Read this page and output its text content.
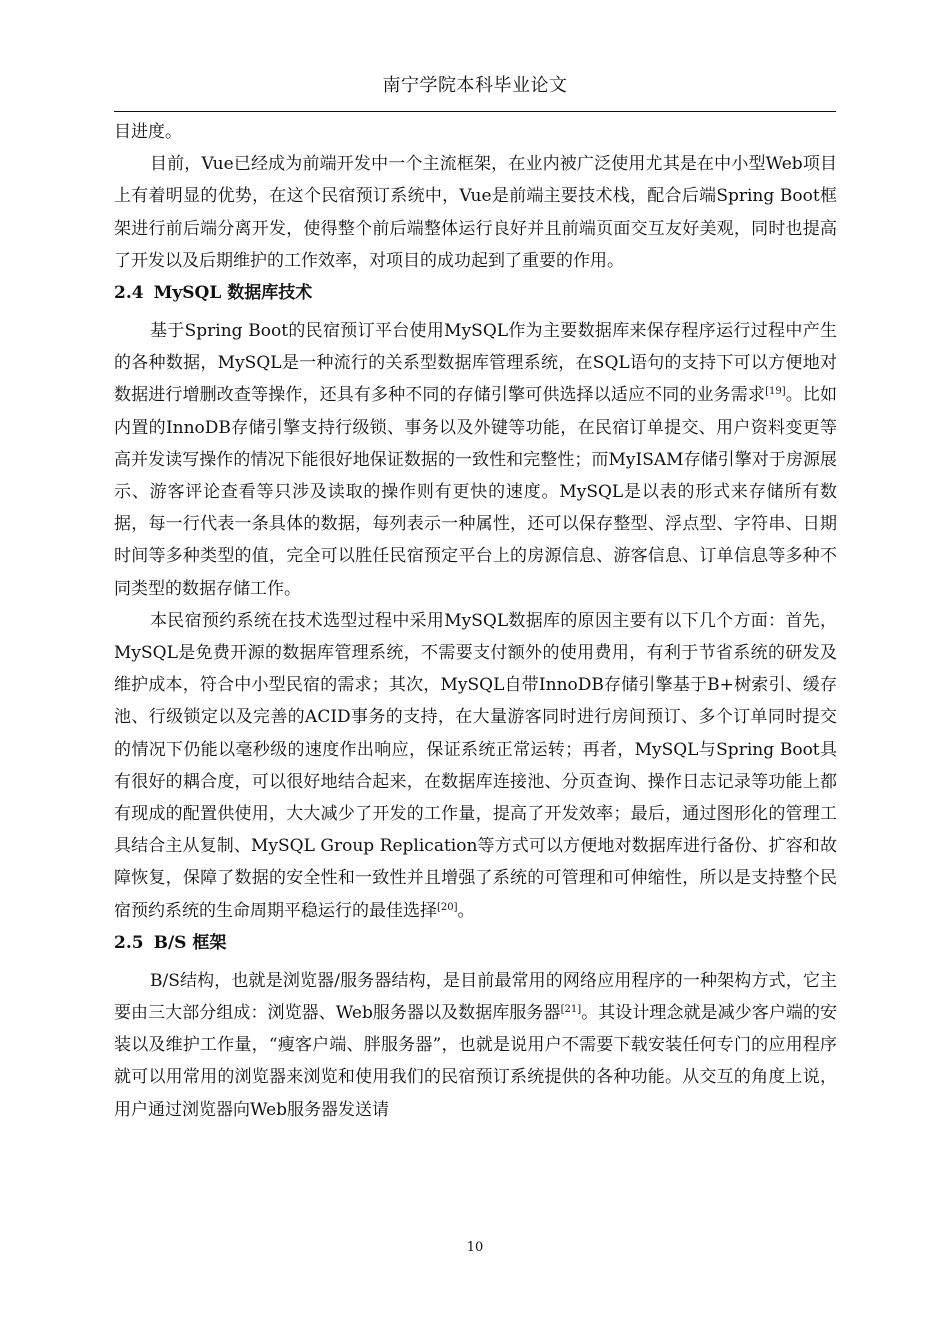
南宁学院本科毕业论文

目进度。

目前，Vue已经成为前端开发中一个主流框架，在业内被广泛使用尤其是在中小型Web项目上有着明显的优势，在这个民宿预订系统中，Vue是前端主要技术栈，配合后端Spring Boot框架进行前后端分离开发，使得整个前后端整体运行良好并且前端页面交互友好美观，同时也提高了开发以及后期维护的工作效率，对项目的成功起到了重要的作用。

2.4 MySQL 数据库技术

基于Spring Boot的民宿预订平台使用MySQL作为主要数据库来保存程序运行过程中产生的各种数据，MySQL是一种流行的关系型数据库管理系统，在SQL语句的支持下可以方便地对数据进行增删改查等操作，还具有多种不同的存储引擎可供选择以适应不同的业务需求[19]。比如内置的InnoDB存储引擎支持行级锁、事务以及外键等功能，在民宿订单提交、用户资料变更等高并发读写操作的情况下能很好地保证数据的一致性和完整性；而MyISAM存储引擎对于房源展示、游客评论查看等只涉及读取的操作则有更快的速度。MySQL是以表的形式来存储所有数据，每一行代表一条具体的数据，每列表示一种属性，还可以保存整型、浮点型、字符串、日期时间等多种类型的值，完全可以胜任民宿预定平台上的房源信息、游客信息、订单信息等多种不同类型的数据存储工作。

本民宿预约系统在技术选型过程中采用MySQL数据库的原因主要有以下几个方面：首先，MySQL是免费开源的数据库管理系统，不需要支付额外的使用费用，有利于节省系统的研发及维护成本，符合中小型民宿的需求；其次，MySQL自带InnoDB存储引擎基于B+树索引、缓存池、行级锁定以及完善的ACID事务的支持，在大量游客同时进行房间预订、多个订单同时提交的情况下仍能以毫秒级的速度作出响应，保证系统正常运转；再者，MySQL与Spring Boot具有很好的耦合度，可以很好地结合起来，在数据库连接池、分页查询、操作日志记录等功能上都有现成的配置供使用，大大减少了开发的工作量，提高了开发效率；最后，通过图形化的管理工具结合主从复制、MySQL Group Replication等方式可以方便地对数据库进行备份、扩容和故障恢复，保障了数据的安全性和一致性并且增强了系统的可管理和可伸缩性，所以是支持整个民宿预约系统的生命周期平稳运行的最佳选择[20]。

2.5 B/S 框架

B/S结构，也就是浏览器/服务器结构，是目前最常用的网络应用程序的一种架构方式，它主要由三大部分组成：浏览器、Web服务器以及数据库服务器[21]。其设计理念就是减少客户端的安装以及维护工作量，“瘦客户端、胖服务器”，也就是说用户不需要下载安装任何专门的应用程序就可以用常用的浏览器来浏览和使用我们的民宿预订系统提供的各种功能。从交互的角度上说，用户通过浏览器向Web服务器发送请

10
